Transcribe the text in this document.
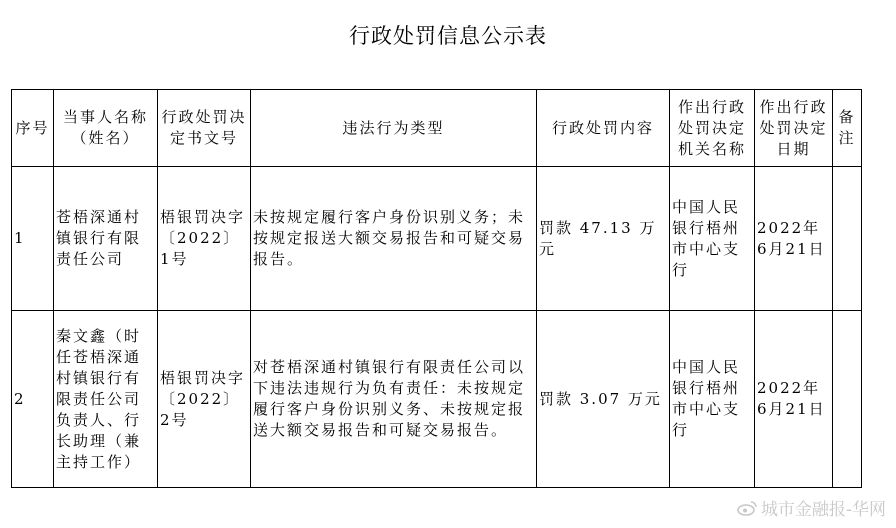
行政处罚信息公示表
序号	当事人名称（姓名）	行政处罚决定书文号	违法行为类型	行政处罚内容	作出行政处罚决定机关名称	作出行政处罚决定日期	备注
1	苍梧深通村镇银行有限责任公司	梧银罚决字〔2022〕1号	未按规定履行客户身份识别义务；未按规定报送大额交易报告和可疑交易报告。	罚款 47.13 万元	中国人民银行梧州市中心支行	2022年6月21日	
2	秦文鑫（时任苍梧深通村镇银行有限责任公司负责人、行长助理（兼主持工作）	梧银罚决字〔2022〕2号	对苍梧深通村镇银行有限责任公司以下违法违规行为负有责任：未按规定履行客户身份识别义务、未按规定报送大额交易报告和可疑交易报告。	罚款 3.07 万元	中国人民银行梧州市中心支行	2022年6月21日	
城市金融报-华网
